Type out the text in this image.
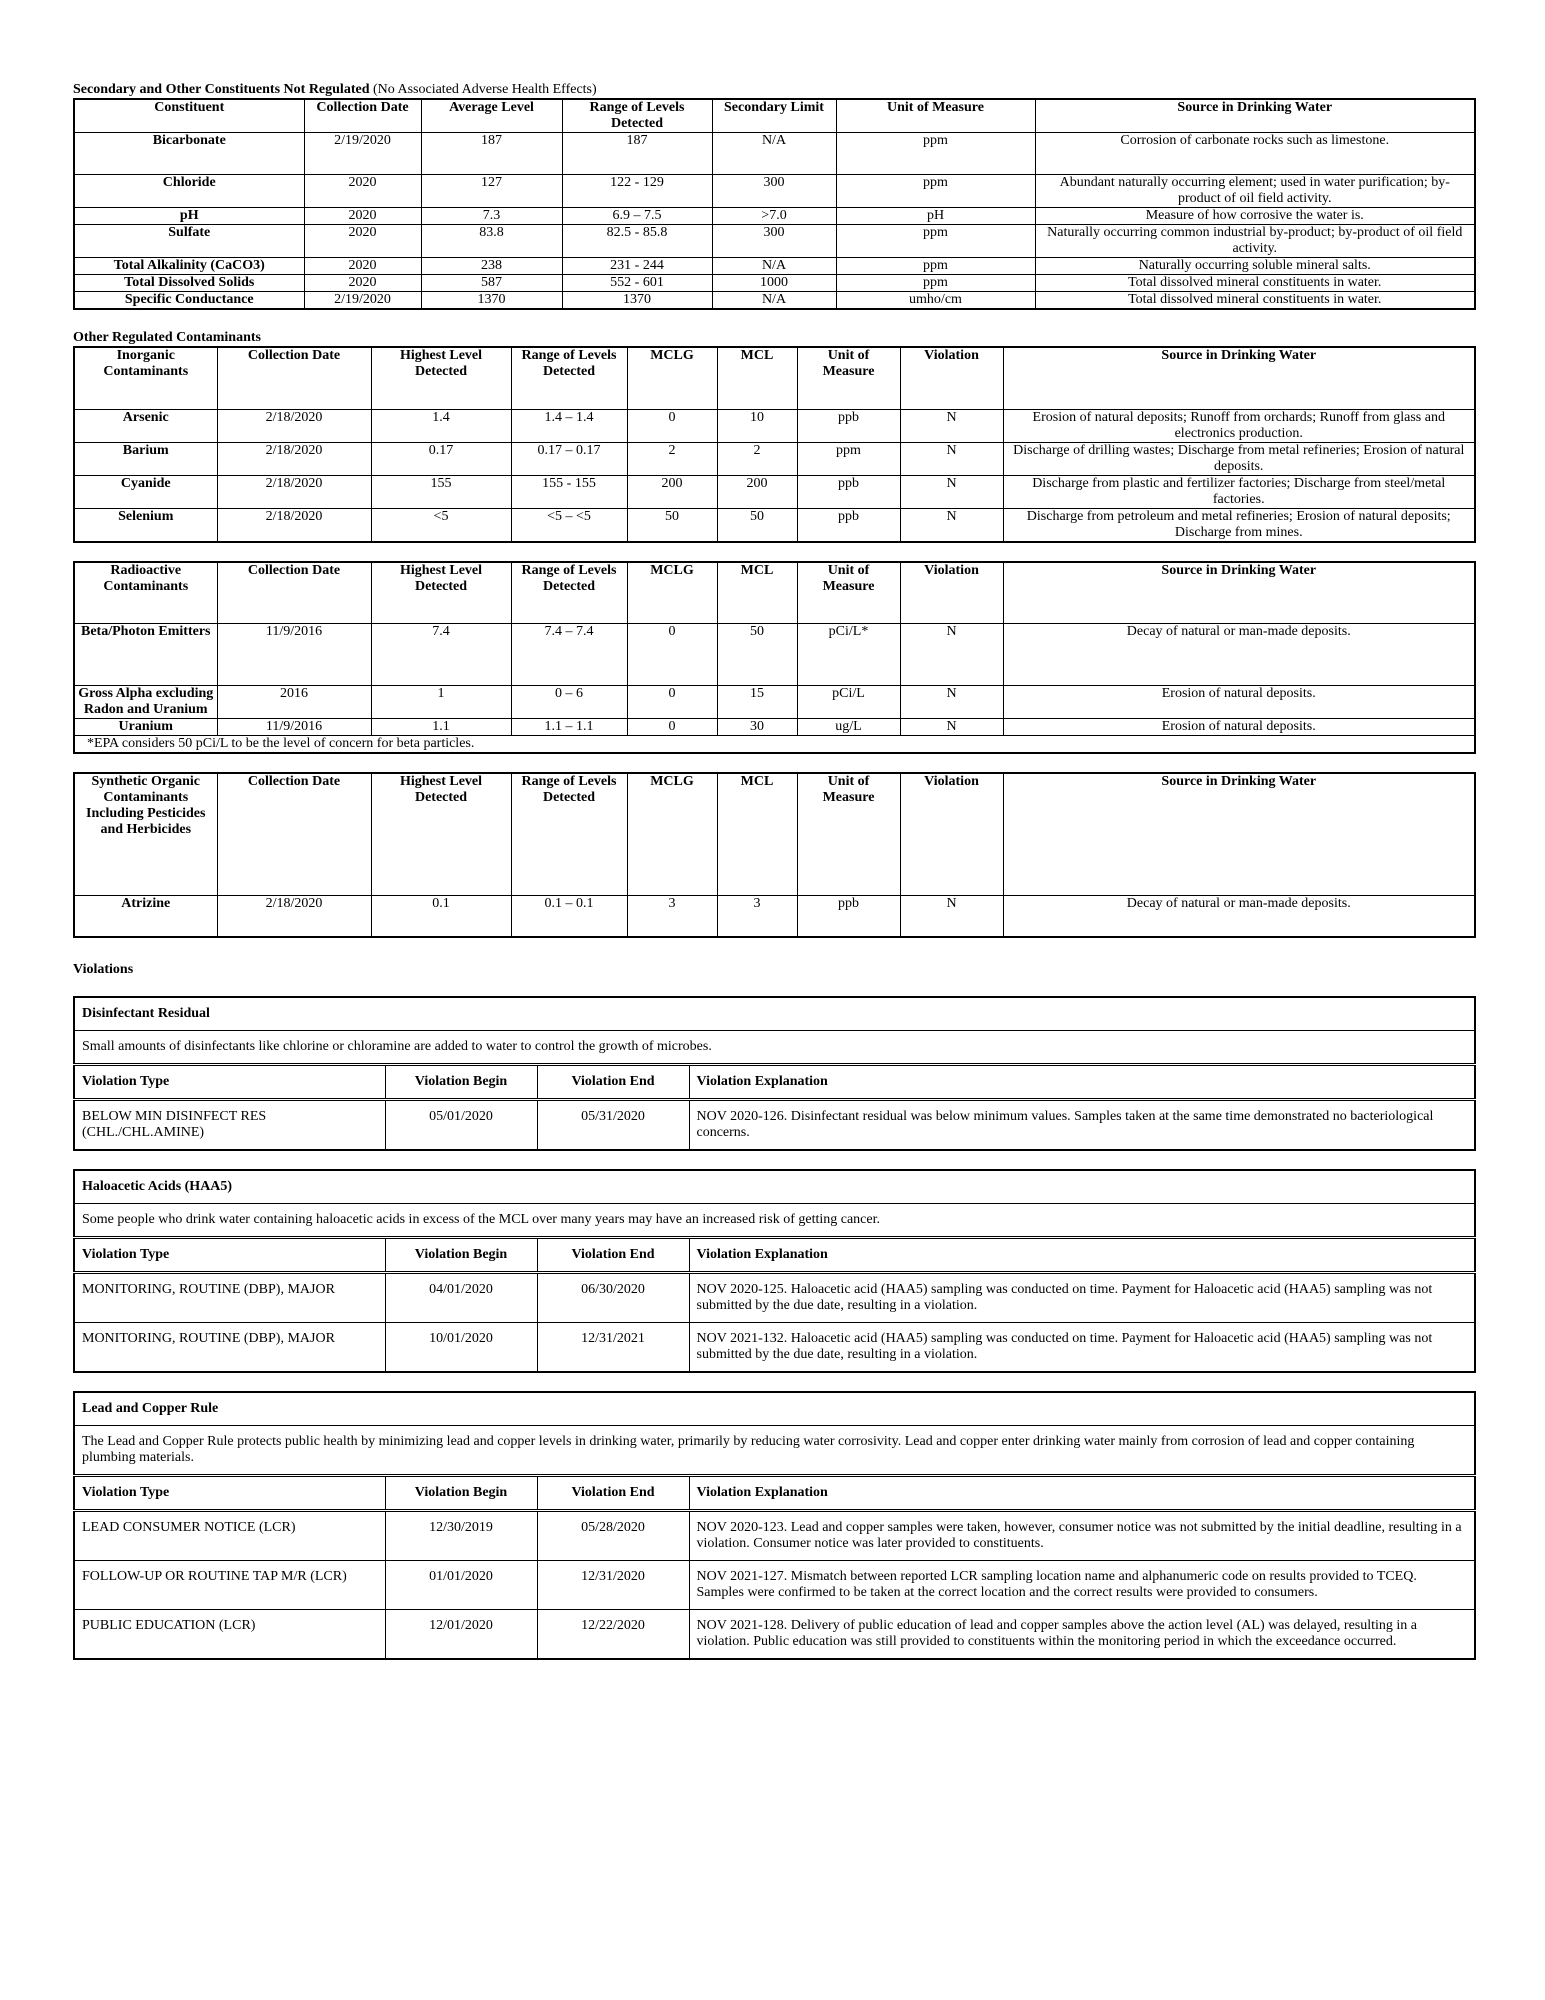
Secondary and Other Constituents Not Regulated (No Associated Adverse Health Effects)

Constituent	Collection Date	Average Level	Range of Levels Detected	Secondary Limit	Unit of Measure	Source in Drinking Water
Bicarbonate	2/19/2020	187	187	N/A	ppm	Corrosion of carbonate rocks such as limestone.
Chloride	2020	127	122 - 129	300	ppm	Abundant naturally occurring element; used in water purification; by-product of oil field activity.
pH	2020	7.3	6.9 – 7.5	>7.0	pH	Measure of how corrosive the water is.
Sulfate	2020	83.8	82.5 - 85.8	300	ppm	Naturally occurring common industrial by-product; by-product of oil field activity.
Total Alkalinity (CaCO3)	2020	238	231 - 244	N/A	ppm	Naturally occurring soluble mineral salts.
Total Dissolved Solids	2020	587	552 - 601	1000	ppm	Total dissolved mineral constituents in water.
Specific Conductance	2/19/2020	1370	1370	N/A	umho/cm	Total dissolved mineral constituents in water.

Other Regulated Contaminants

Inorganic Contaminants	Collection Date	Highest Level Detected	Range of Levels Detected	MCLG	MCL	Unit of Measure	Violation	Source in Drinking Water
Arsenic	2/18/2020	1.4	1.4 – 1.4	0	10	ppb	N	Erosion of natural deposits; Runoff from orchards; Runoff from glass and electronics production.
Barium	2/18/2020	0.17	0.17 – 0.17	2	2	ppm	N	Discharge of drilling wastes; Discharge from metal refineries; Erosion of natural deposits.
Cyanide	2/18/2020	155	155 - 155	200	200	ppb	N	Discharge from plastic and fertilizer factories; Discharge from steel/metal factories.
Selenium	2/18/2020	<5	<5 – <5	50	50	ppb	N	Discharge from petroleum and metal refineries; Erosion of natural deposits; Discharge from mines.
Radioactive Contaminants	Collection Date	Highest Level Detected	Range of Levels Detected	MCLG	MCL	Unit of Measure	Violation	Source in Drinking Water
Beta/Photon Emitters	11/9/2016	7.4	7.4 – 7.4	0	50	pCi/L*	N	Decay of natural or man-made deposits.
Gross Alpha excluding Radon and Uranium	2016	1	0 – 6	0	15	pCi/L	N	Erosion of natural deposits.
Uranium	11/9/2016	1.1	1.1 – 1.1	0	30	ug/L	N	Erosion of natural deposits.
*EPA considers 50 pCi/L to be the level of concern for beta particles.								
Synthetic Organic Contaminants Including Pesticides and Herbicides	Collection Date	Highest Level Detected	Range of Levels Detected	MCLG	MCL	Unit of Measure	Violation	Source in Drinking Water
Atrizine	2/18/2020	0.1	0.1 – 0.1	3	3	ppb	N	Decay of natural or man-made deposits.
Violations
Disinfectant Residual			
Small amounts of disinfectants like chlorine or chloramine are added to water to control the growth of microbes.			
Violation Type	Violation Begin	Violation End	Violation Explanation
BELOW MIN DISINFECT RES (CHL./CHL.AMINE)	05/01/2020	05/31/2020	NOV 2020-126. Disinfectant residual was below minimum values. Samples taken at the same time demonstrated no bacteriological concerns.
Haloacetic Acids (HAA5)			
Some people who drink water containing haloacetic acids in excess of the MCL over many years may have an increased risk of getting cancer.			
Violation Type	Violation Begin	Violation End	Violation Explanation
MONITORING, ROUTINE (DBP), MAJOR	04/01/2020	06/30/2020	NOV 2020-125. Haloacetic acid (HAA5) sampling was conducted on time. Payment for Haloacetic acid (HAA5) sampling was not submitted by the due date, resulting in a violation.
MONITORING, ROUTINE (DBP), MAJOR	10/01/2020	12/31/2021	NOV 2021-132. Haloacetic acid (HAA5) sampling was conducted on time. Payment for Haloacetic acid (HAA5) sampling was not submitted by the due date, resulting in a violation.
Lead and Copper Rule			
The Lead and Copper Rule protects public health by minimizing lead and copper levels in drinking water, primarily by reducing water corrosivity. Lead and copper enter drinking water mainly from corrosion of lead and copper containing plumbing materials.			
Violation Type	Violation Begin	Violation End	Violation Explanation
LEAD CONSUMER NOTICE (LCR)	12/30/2019	05/28/2020	NOV 2020-123. Lead and copper samples were taken, however, consumer notice was not submitted by the initial deadline, resulting in a violation. Consumer notice was later provided to constituents.
FOLLOW-UP OR ROUTINE TAP M/R (LCR)	01/01/2020	12/31/2020	NOV 2021-127. Mismatch between reported LCR sampling location name and alphanumeric code on results provided to TCEQ. Samples were confirmed to be taken at the correct location and the correct results were provided to consumers.
PUBLIC EDUCATION (LCR)	12/01/2020	12/22/2020	NOV 2021-128. Delivery of public education of lead and copper samples above the action level (AL) was delayed, resulting in a violation. Public education was still provided to constituents within the monitoring period in which the exceedance occurred.
